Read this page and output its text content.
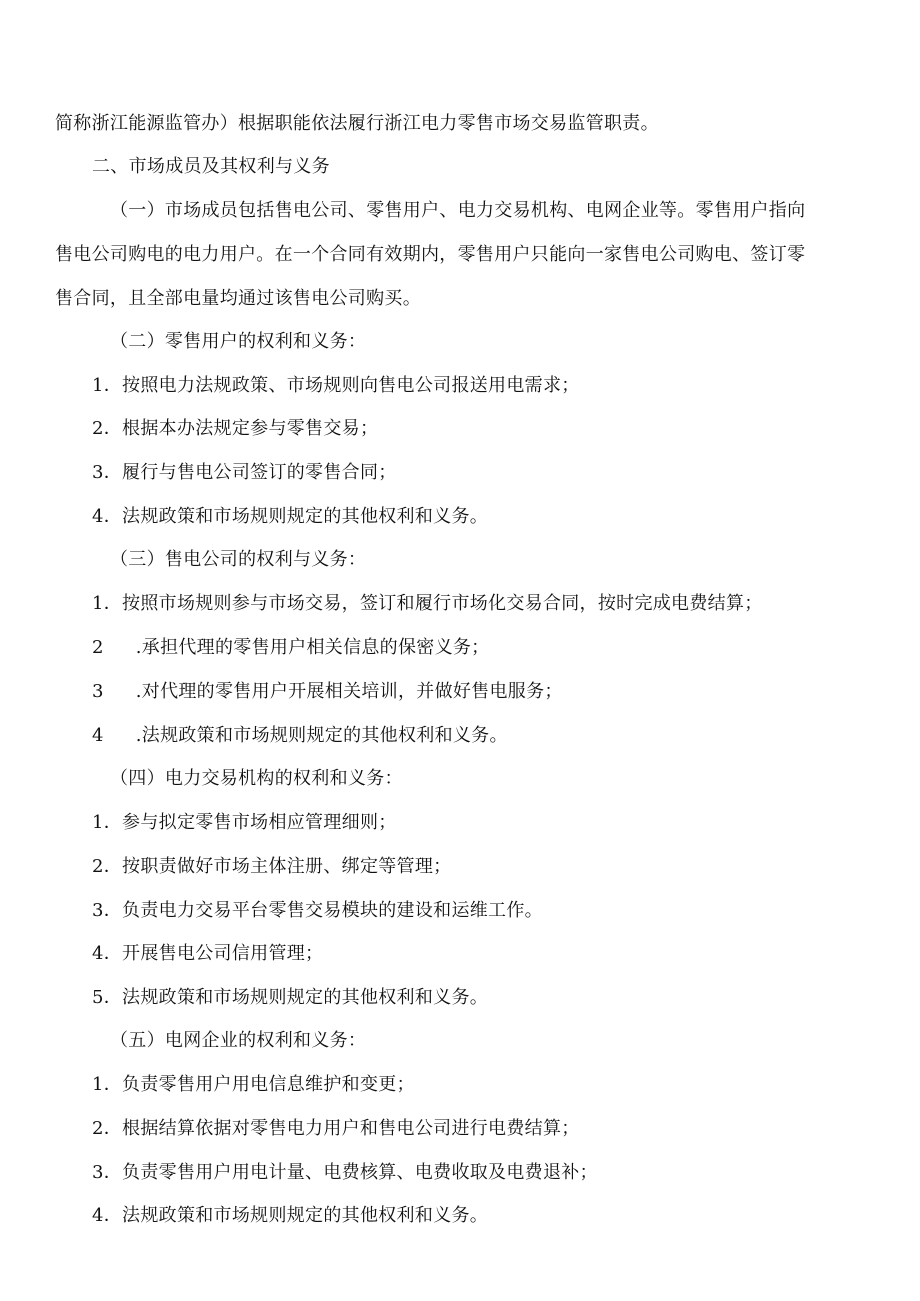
简称浙江能源监管办）根据职能依法履行浙江电力零售市场交易监管职责。
二、市场成员及其权利与义务
（一）市场成员包括售电公司、零售用户、电力交易机构、电网企业等。零售用户指向
售电公司购电的电力用户。在一个合同有效期内，零售用户只能向一家售电公司购电、签订零
售合同，且全部电量均通过该售电公司购买。
（二）零售用户的权利和义务：
1．按照电力法规政策、市场规则向售电公司报送用电需求；
2．根据本办法规定参与零售交易；
3．履行与售电公司签订的零售合同；
4．法规政策和市场规则规定的其他权利和义务。
（三）售电公司的权利与义务：
1．按照市场规则参与市场交易，签订和履行市场化交易合同，按时完成电费结算；
2 .承担代理的零售用户相关信息的保密义务；
3 .对代理的零售用户开展相关培训，并做好售电服务；
4 .法规政策和市场规则规定的其他权利和义务。
（四）电力交易机构的权利和义务：
1．参与拟定零售市场相应管理细则；
2．按职责做好市场主体注册、绑定等管理；
3．负责电力交易平台零售交易模块的建设和运维工作。
4．开展售电公司信用管理；
5．法规政策和市场规则规定的其他权利和义务。
（五）电网企业的权利和义务：
1．负责零售用户用电信息维护和变更；
2．根据结算依据对零售电力用户和售电公司进行电费结算；
3．负责零售用户用电计量、电费核算、电费收取及电费退补；
4．法规政策和市场规则规定的其他权利和义务。
